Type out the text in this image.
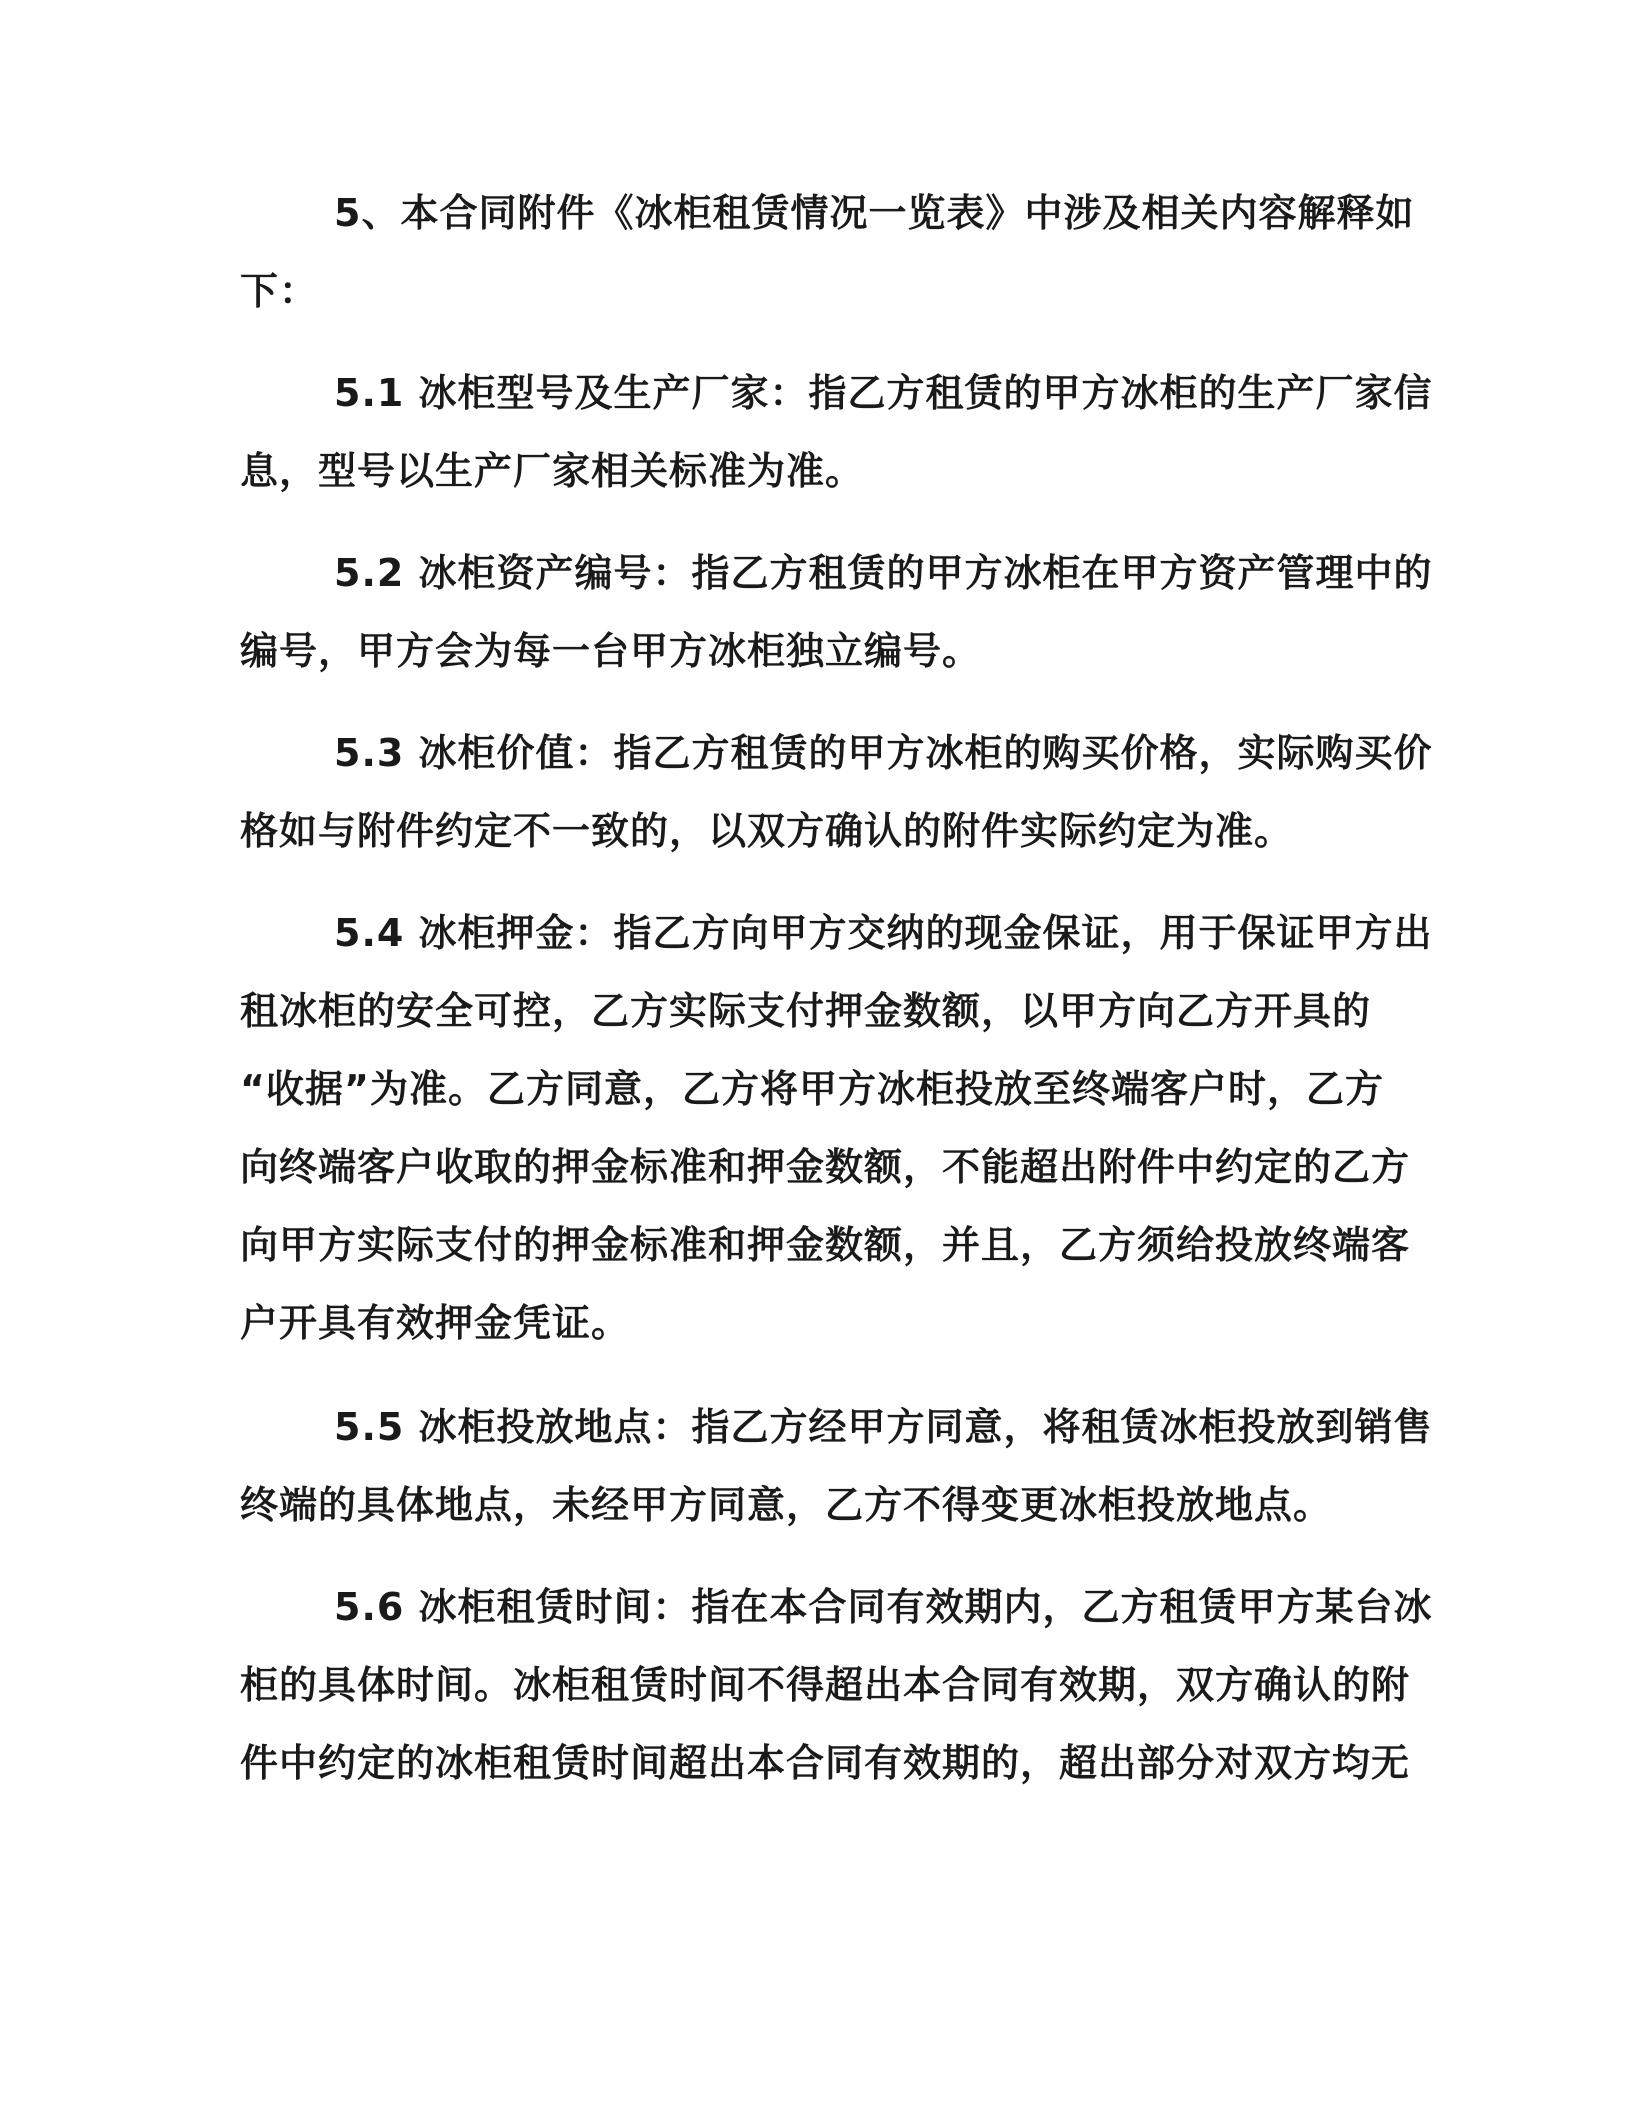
5、本合同附件《冰柜租赁情况一览表》中涉及相关内容解释如
下：

5.1 冰柜型号及生产厂家：指乙方租赁的甲方冰柜的生产厂家信
息，型号以生产厂家相关标准为准。

5.2 冰柜资产编号：指乙方租赁的甲方冰柜在甲方资产管理中的
编号，甲方会为每一台甲方冰柜独立编号。

5.3 冰柜价值：指乙方租赁的甲方冰柜的购买价格，实际购买价
格如与附件约定不一致的，以双方确认的附件实际约定为准。

5.4 冰柜押金：指乙方向甲方交纳的现金保证，用于保证甲方出
租冰柜的安全可控，乙方实际支付押金数额，以甲方向乙方开具的
“收据”为准。乙方同意，乙方将甲方冰柜投放至终端客户时，乙方
向终端客户收取的押金标准和押金数额，不能超出附件中约定的乙方
向甲方实际支付的押金标准和押金数额，并且，乙方须给投放终端客
户开具有效押金凭证。

5.5 冰柜投放地点：指乙方经甲方同意，将租赁冰柜投放到销售
终端的具体地点，未经甲方同意，乙方不得变更冰柜投放地点。

5.6 冰柜租赁时间：指在本合同有效期内，乙方租赁甲方某台冰
柜的具体时间。冰柜租赁时间不得超出本合同有效期，双方确认的附
件中约定的冰柜租赁时间超出本合同有效期的，超出部分对双方均无
